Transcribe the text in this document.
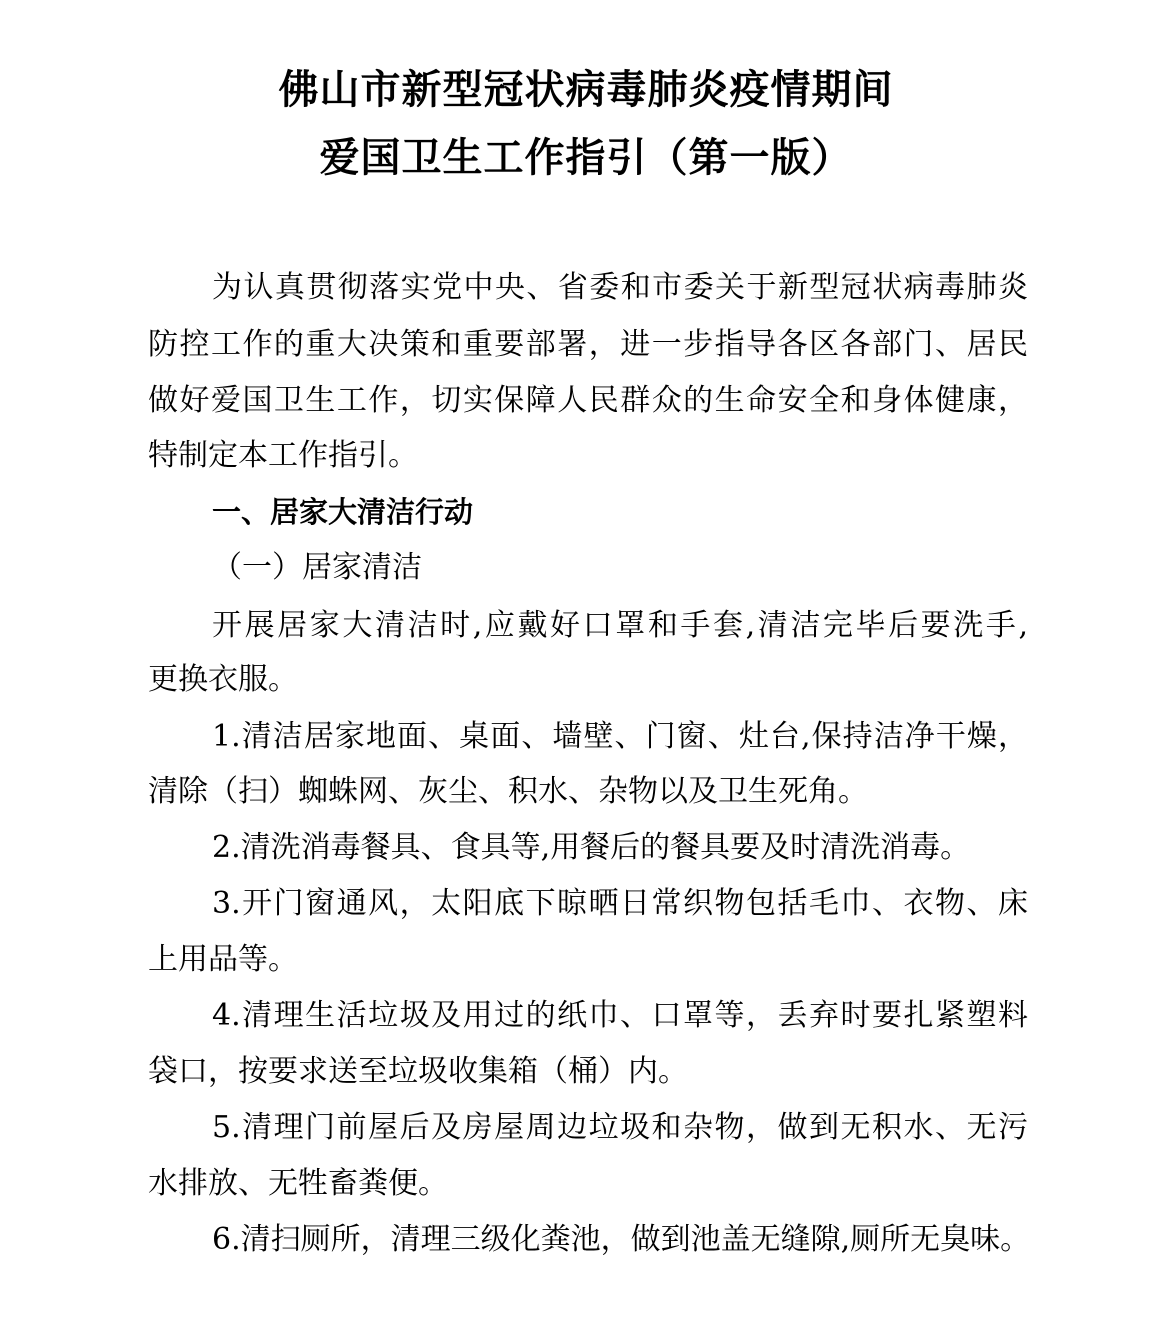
佛山市新型冠状病毒肺炎疫情期间
爱国卫生工作指引（第一版）
为认真贯彻落实党中央、省委和市委关于新型冠状病毒肺炎
防控工作的重大决策和重要部署，进一步指导各区各部门、居民
做好爱国卫生工作，切实保障人民群众的生命安全和身体健康，
特制定本工作指引。
一、居家大清洁行动
（一）居家清洁
开展居家大清洁时,应戴好口罩和手套,清洁完毕后要洗手,
更换衣服。
1.清洁居家地面、桌面、墙壁、门窗、灶台,保持洁净干燥，
清除（扫）蜘蛛网、灰尘、积水、杂物以及卫生死角。
2.清洗消毒餐具、食具等,用餐后的餐具要及时清洗消毒。
3.开门窗通风，太阳底下晾晒日常织物包括毛巾、衣物、床
上用品等。
4.清理生活垃圾及用过的纸巾、口罩等，丢弃时要扎紧塑料
袋口，按要求送至垃圾收集箱（桶）内。
5.清理门前屋后及房屋周边垃圾和杂物，做到无积水、无污
水排放、无牲畜粪便。
6.清扫厕所，清理三级化粪池，做到池盖无缝隙,厕所无臭味。
